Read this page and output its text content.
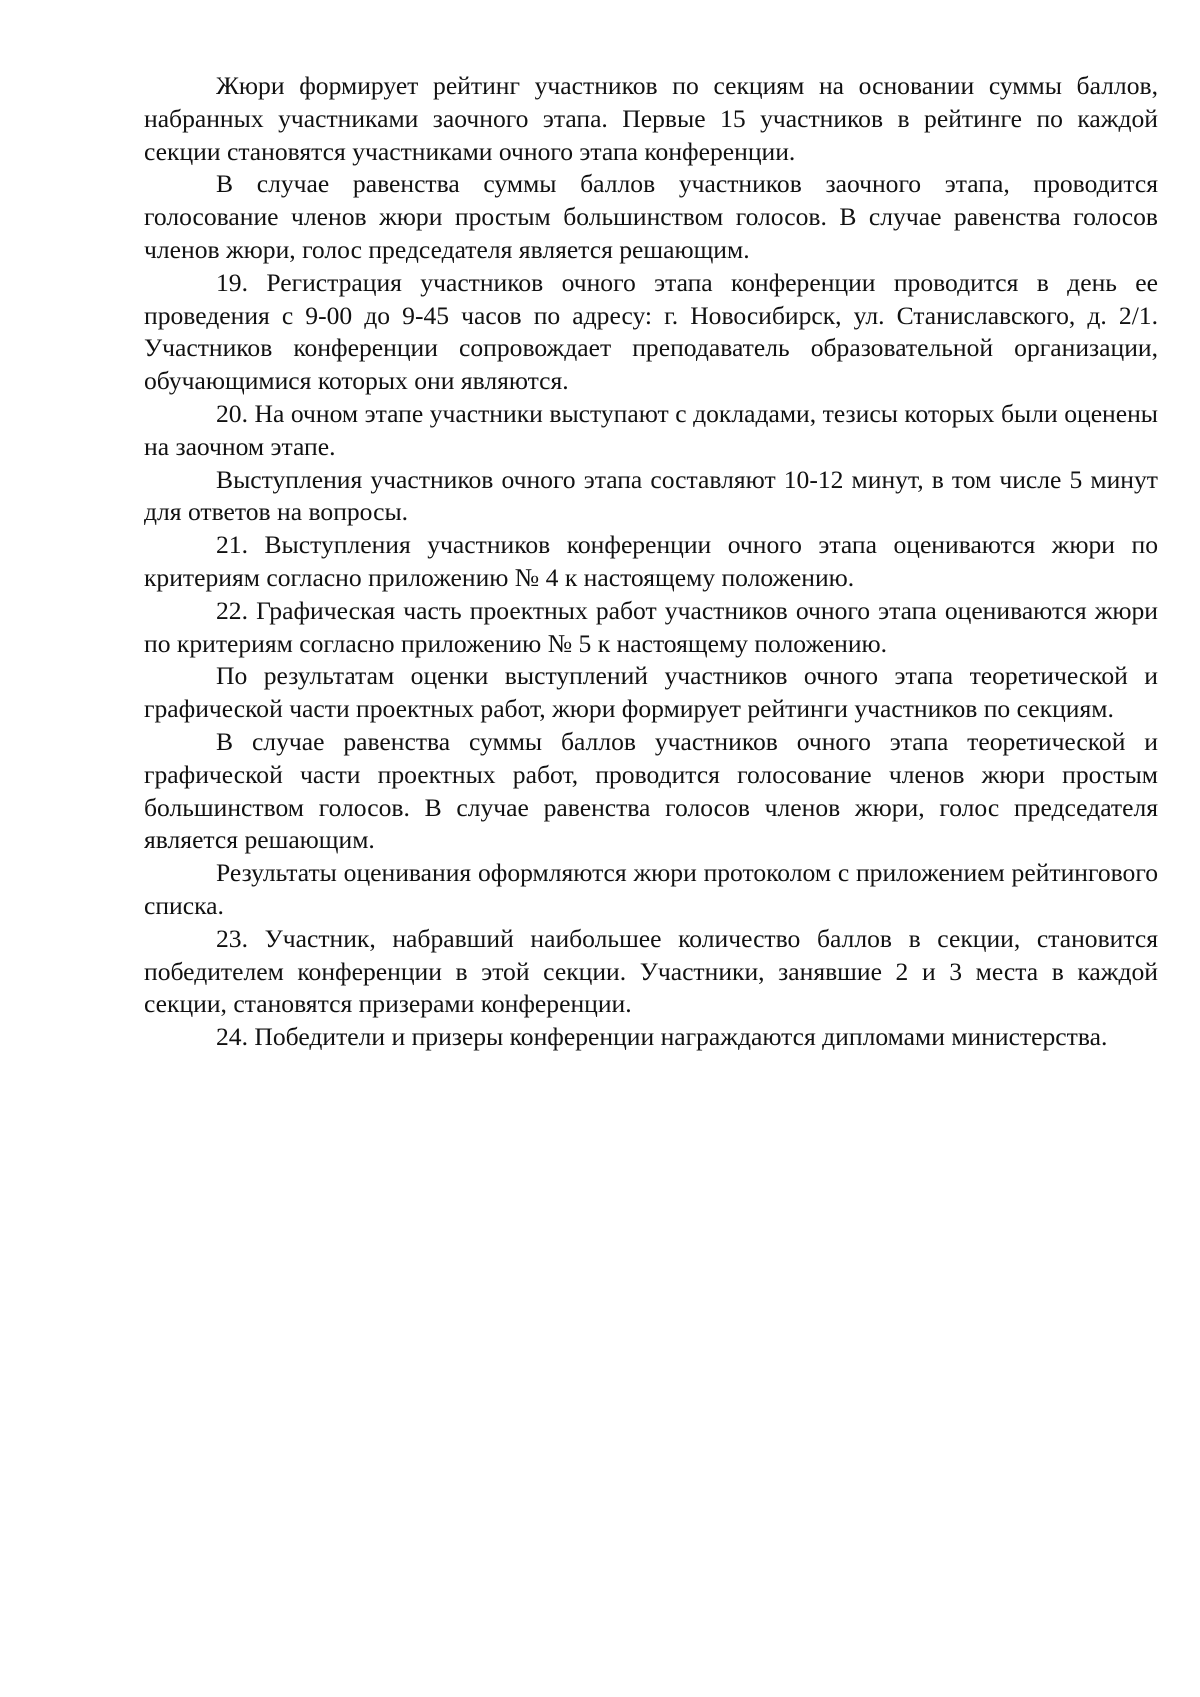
Жюри формирует рейтинг участников по секциям на основании суммы баллов, набранных участниками заочного этапа. Первые 15 участников в рейтинге по каждой секции становятся участниками очного этапа конференции.

В случае равенства суммы баллов участников заочного этапа, проводится голосование членов жюри простым большинством голосов. В случае равенства голосов членов жюри, голос председателя является решающим.

19. Регистрация участников очного этапа конференции проводится в день ее проведения с 9-00 до 9-45 часов по адресу: г. Новосибирск, ул. Станиславского, д. 2/1. Участников конференции сопровождает преподаватель образовательной организации, обучающимися которых они являются.

20. На очном этапе участники выступают с докладами, тезисы которых были оценены на заочном этапе.

Выступления участников очного этапа составляют 10-12 минут, в том числе 5 минут для ответов на вопросы.

21. Выступления участников конференции очного этапа оцениваются жюри по критериям согласно приложению № 4 к настоящему положению.

22. Графическая часть проектных работ участников очного этапа оцениваются жюри по критериям согласно приложению № 5 к настоящему положению.

По результатам оценки выступлений участников очного этапа теоретической и графической части проектных работ, жюри формирует рейтинги участников по секциям.

В случае равенства суммы баллов участников очного этапа теоретической и графической части проектных работ, проводится голосование членов жюри простым большинством голосов. В случае равенства голосов членов жюри, голос председателя является решающим.

Результаты оценивания оформляются жюри протоколом с приложением рейтингового списка.

23. Участник, набравший наибольшее количество баллов в секции, становится победителем конференции в этой секции. Участники, занявшие 2 и 3 места в каждой секции, становятся призерами конференции.

24. Победители и призеры конференции награждаются дипломами министерства.
